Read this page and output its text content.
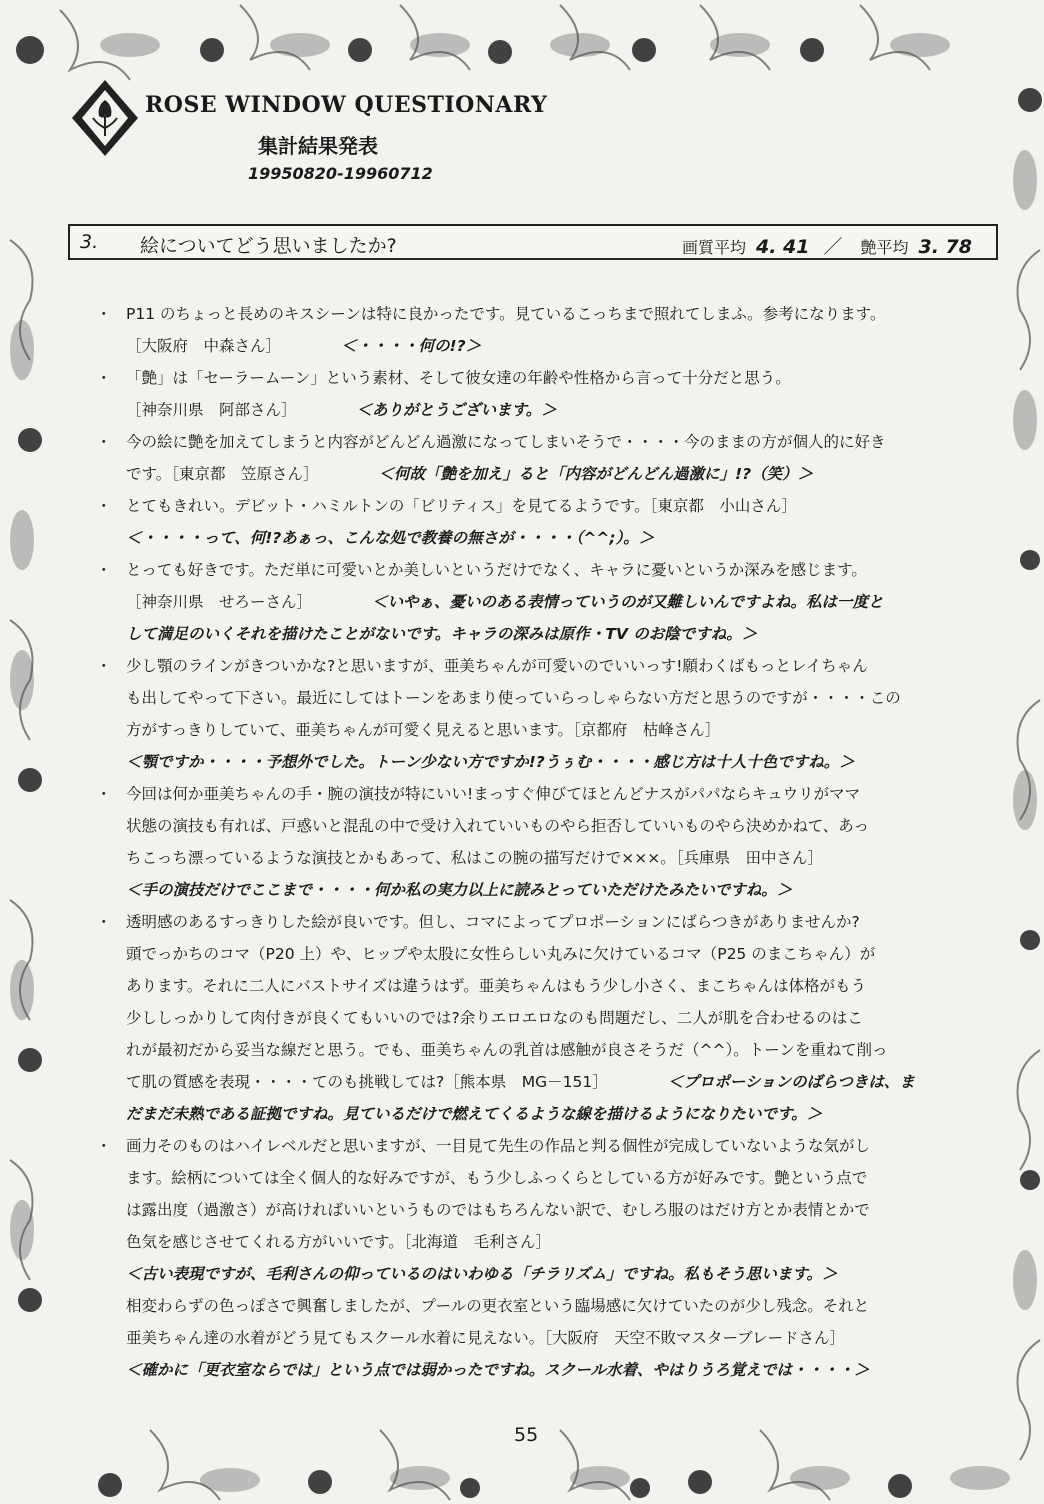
ROSE WINDOW QUESTIONARY
集計結果発表
19950820-19960712
3. 絵についてどう思いましたか?	画質平均 4. 41 ／ 艶平均 3. 78
・ P11 のちょっと長めのキスシーンは特に良かったです。見ているこっちまで照れてしまふ。参考になります。
［大阪府　中森さん］	＜・・・・何の!?＞
・ 「艶」は「セーラームーン」という素材、そして彼女達の年齢や性格から言って十分だと思う。
［神奈川県　阿部さん］	＜ありがとうございます。＞
・ 今の絵に艶を加えてしまうと内容がどんどん過激になってしまいそうで・・・・今のままの方が個人的に好き
です。［東京都　笠原さん］	＜何故「艶を加え」ると「内容がどんどん過激に」!?（笑）＞
・ とてもきれい。デビット・ハミルトンの「ビリティス」を見てるようです。［東京都　小山さん］
＜・・・・って、何!?あぁっ、こんな処で教養の無さが・・・・（^^;）。＞
・ とっても好きです。ただ単に可愛いとか美しいというだけでなく、キャラに憂いというか深みを感じます。
［神奈川県　せろーさん］	＜いやぁ、憂いのある表情っていうのが又難しいんですよね。私は一度と
して満足のいくそれを描けたことがないです。キャラの深みは原作・TV のお陰ですね。＞
・ 少し顎のラインがきついかな?と思いますが、亜美ちゃんが可愛いのでいいっす!願わくばもっとレイちゃん
も出してやって下さい。最近にしてはトーンをあまり使っていらっしゃらない方だと思うのですが・・・・この
方がすっきりしていて、亜美ちゃんが可愛く見えると思います。［京都府　枯峰さん］
＜顎ですか・・・・予想外でした。トーン少ない方ですか!?うぅむ・・・・感じ方は十人十色ですね。＞
・ 今回は何か亜美ちゃんの手・腕の演技が特にいい!まっすぐ伸びてほとんどナスがパパならキュウリがママ
状態の演技も有れば、戸惑いと混乱の中で受け入れていいものやら拒否していいものやら決めかねて、あっ
ちこっち漂っているような演技とかもあって、私はこの腕の描写だけで×××。［兵庫県　田中さん］
＜手の演技だけでここまで・・・・何か私の実力以上に読みとっていただけたみたいですね。＞
・ 透明感のあるすっきりした絵が良いです。但し、コマによってプロポーションにばらつきがありませんか?
頭でっかちのコマ（P20 上）や、ヒップや太股に女性らしい丸みに欠けているコマ（P25 のまこちゃん）が
あります。それに二人にバストサイズは違うはず。亜美ちゃんはもう少し小さく、まこちゃんは体格がもう
少ししっかりして肉付きが良くてもいいのでは?余りエロエロなのも問題だし、二人が肌を合わせるのはこ
れが最初だから妥当な線だと思う。でも、亜美ちゃんの乳首は感触が良さそうだ（^^）。トーンを重ねて削っ
て肌の質感を表現・・・・てのも挑戦しては?［熊本県　MG－151］	＜プロポーションのばらつきは、ま
だまだ未熟である証拠ですね。見ているだけで燃えてくるような線を描けるようになりたいです。＞
・ 画力そのものはハイレベルだと思いますが、一目見て先生の作品と判る個性が完成していないような気がし
ます。絵柄については全く個人的な好みですが、もう少しふっくらとしている方が好みです。艶という点で
は露出度（過激さ）が高ければいいというものではもちろんない訳で、むしろ服のはだけ方とか表情とかで
色気を感じさせてくれる方がいいです。［北海道　毛利さん］
＜古い表現ですが、毛利さんの仰っているのはいわゆる「チラリズム」ですね。私もそう思います。＞
相変わらずの色っぽさで興奮しましたが、プールの更衣室という臨場感に欠けていたのが少し残念。それと
亜美ちゃん達の水着がどう見てもスクール水着に見えない。［大阪府　天空不敗マスターブレードさん］
＜確かに「更衣室ならでは」という点では弱かったですね。スクール水着、やはりうろ覚えでは・・・・＞
55
